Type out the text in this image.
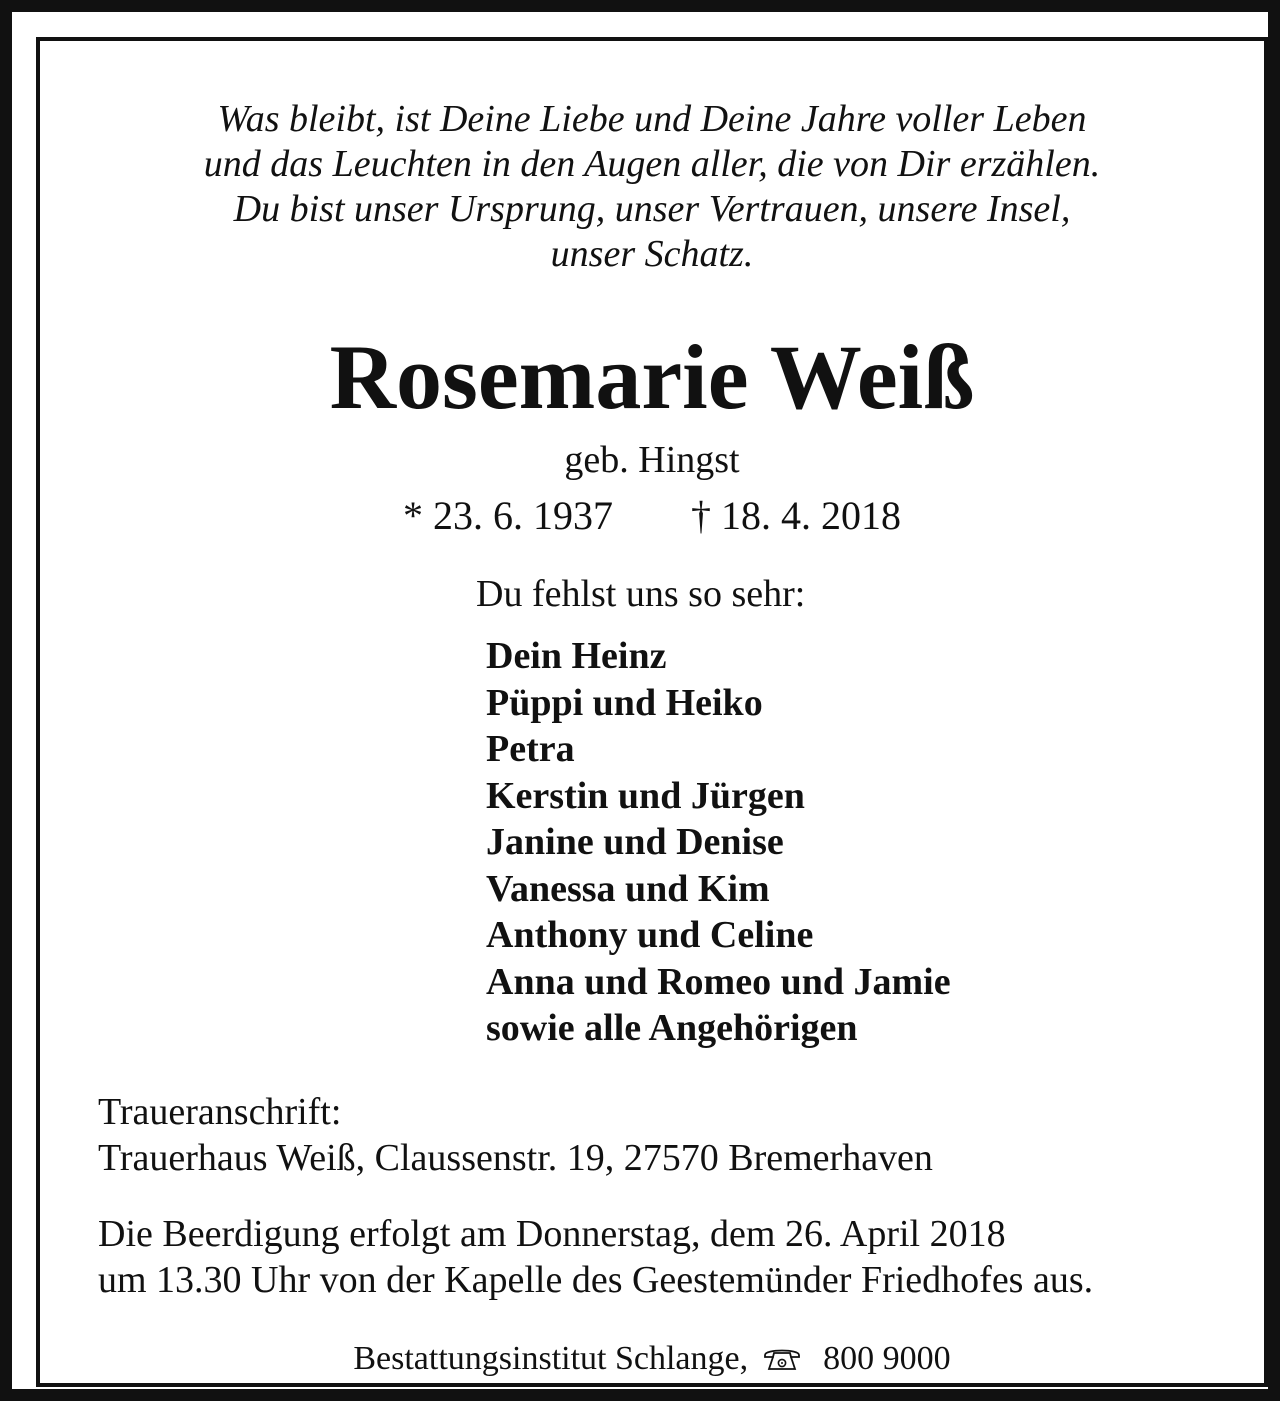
Was bleibt, ist Deine Liebe und Deine Jahre voller Leben
und das Leuchten in den Augen aller, die von Dir erzählen.
Du bist unser Ursprung, unser Vertrauen, unsere Insel,
unser Schatz.
Rosemarie Weiß
geb. Hingst
* 23. 6. 1937 † 18. 4. 2018
Du fehlst uns so sehr:
Dein Heinz
Püppi und Heiko
Petra
Kerstin und Jürgen
Janine und Denise
Vanessa und Kim
Anthony und Celine
Anna und Romeo und Jamie
sowie alle Angehörigen
Traueranschrift:
Trauerhaus Weiß, Claussenstr. 19, 27570 Bremerhaven
Die Beerdigung erfolgt am Donnerstag, dem 26. April 2018
um 13.30 Uhr von der Kapelle des Geestemünder Friedhofes aus.
Bestattungsinstitut Schlange, 800 9000
